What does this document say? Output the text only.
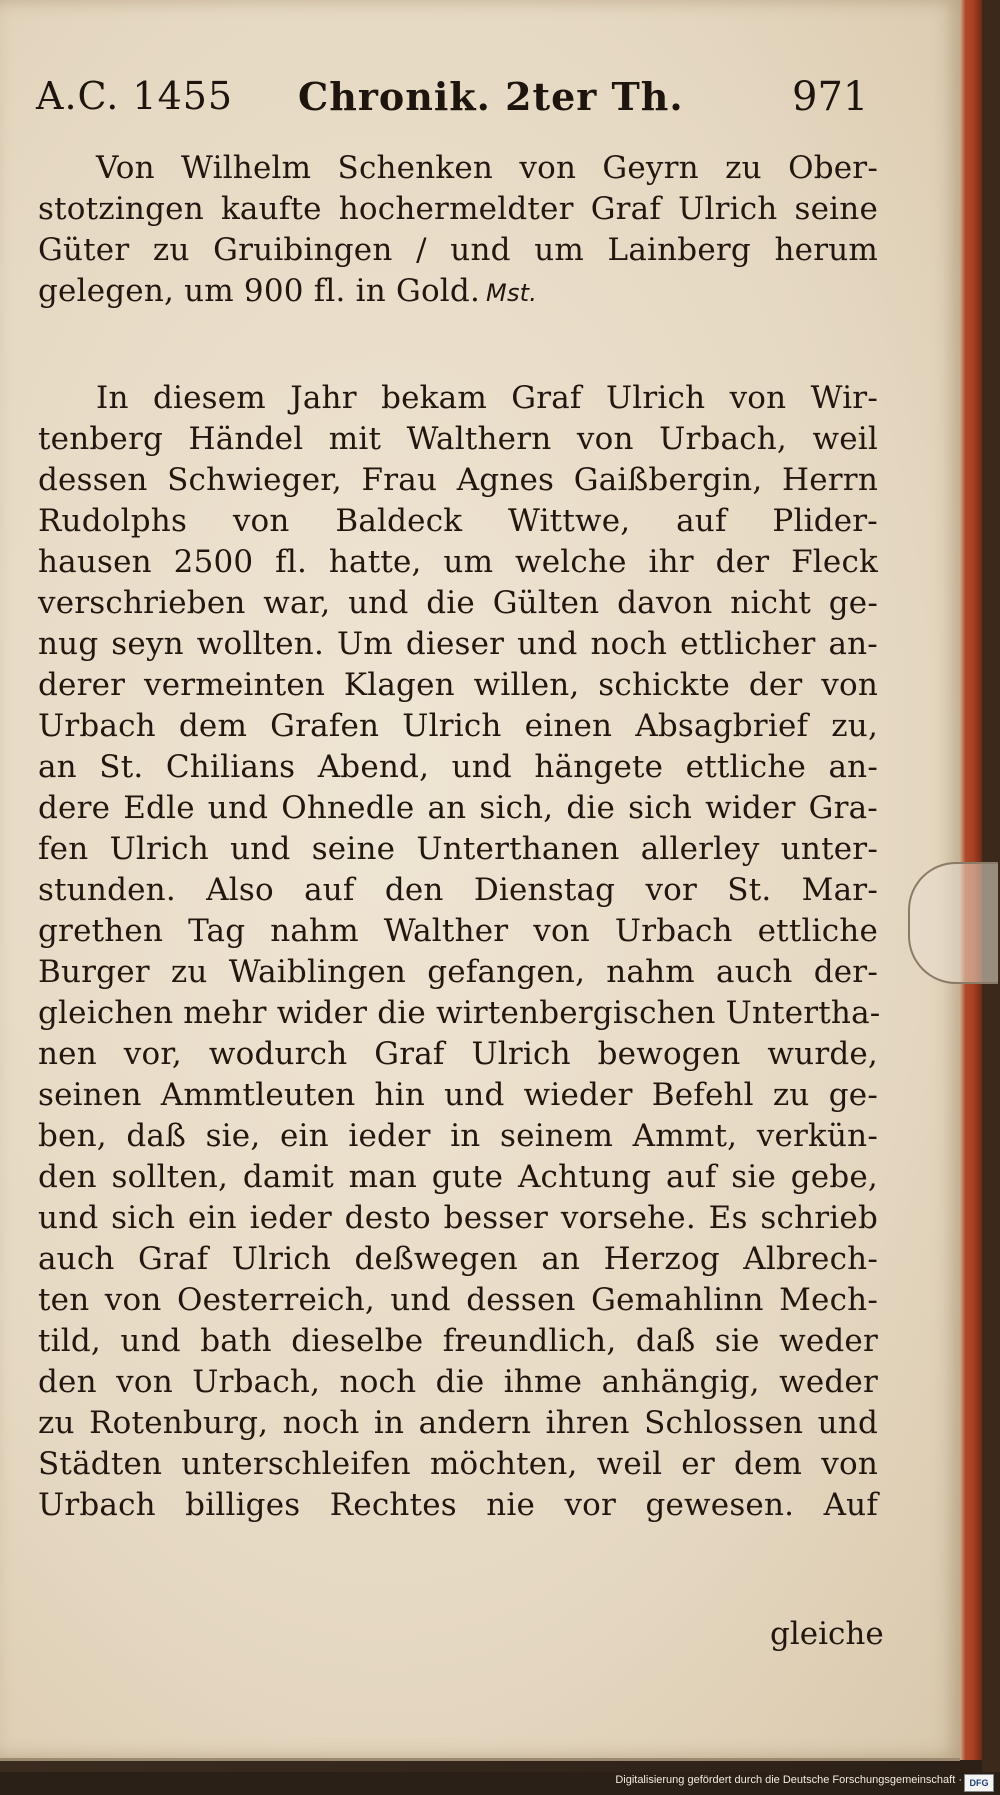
A.C. 1455 Chronik. 2ter Th.	971
Von Wilhelm Schenken von Geyrn zu Ober-
stotzingen kaufte hochermeldter Graf Ulrich seine
Güter zu Gruibingen / und um Lainberg herum
gelegen, um 900 fl. in Gold. Mst.
In diesem Jahr bekam Graf Ulrich von Wir-
tenberg Händel mit Walthern von Urbach, weil
dessen Schwieger, Frau Agnes Gaißbergin, Herrn
Rudolphs von Baldeck Wittwe, auf Plider-
hausen 2500 fl. hatte, um welche ihr der Fleck
verschrieben war, und die Gülten davon nicht ge-
nug seyn wollten. Um dieser und noch ettlicher an-
derer vermeinten Klagen willen, schickte der von
Urbach dem Grafen Ulrich einen Absagbrief zu,
an St. Chilians Abend, und hängete ettliche an-
dere Edle und Ohnedle an sich, die sich wider Gra-
fen Ulrich und seine Unterthanen allerley unter-
stunden. Also auf den Dienstag vor St. Mar-
grethen Tag nahm Walther von Urbach ettliche
Burger zu Waiblingen gefangen, nahm auch der-
gleichen mehr wider die wirtenbergischen Untertha-
nen vor, wodurch Graf Ulrich bewogen wurde,
seinen Ammtleuten hin und wieder Befehl zu ge-
ben, daß sie, ein ieder in seinem Ammt, verkün-
den sollten, damit man gute Achtung auf sie gebe,
und sich ein ieder desto besser vorsehe. Es schrieb
auch Graf Ulrich deßwegen an Herzog Albrech-
ten von Oesterreich, und dessen Gemahlinn Mech-
tild, und bath dieselbe freundlich, daß sie weder
den von Urbach, noch die ihme anhängig, weder
zu Rotenburg, noch in andern ihren Schlossen und
Städten unterschleifen möchten, weil er dem von
Urbach billiges Rechtes nie vor gewesen. Auf
gleiche
Digitalisierung gefördert durch die Deutsche Forschungsgemeinschaft · DFG
